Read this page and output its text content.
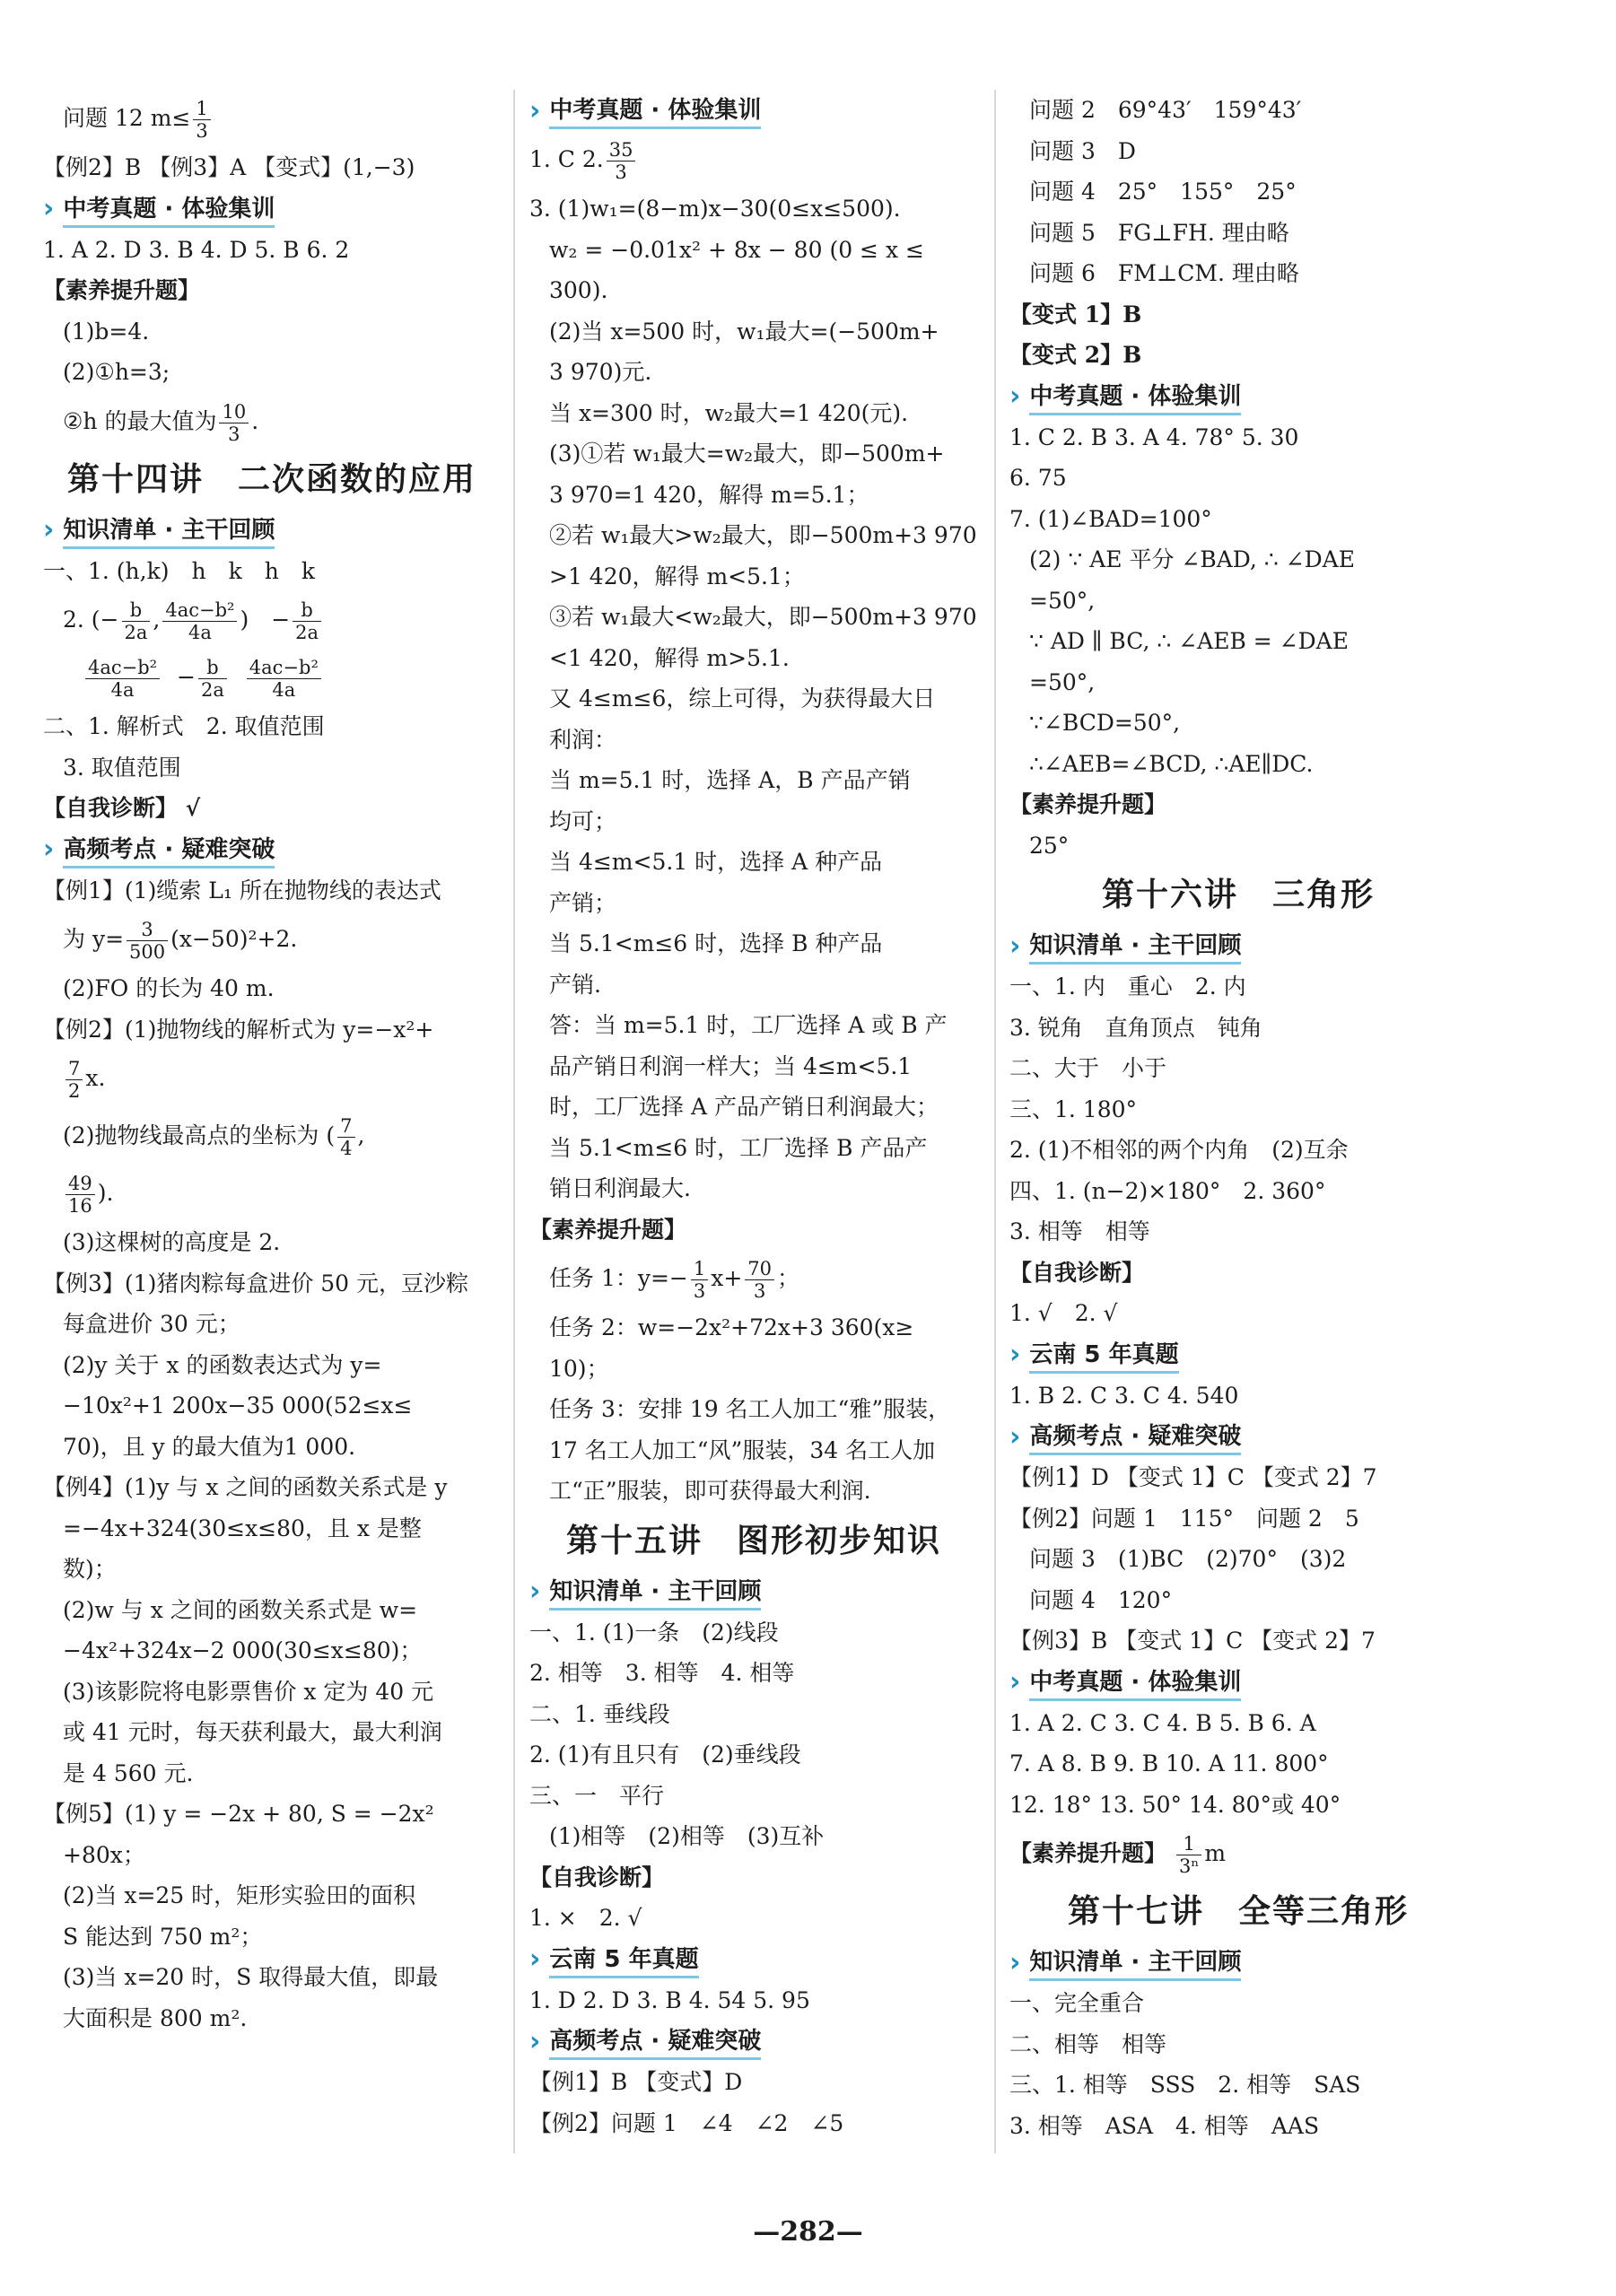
问题 12 $m\le \frac{1}{3}$
【例2】B 【例3】A 【变式】(1,−3)
› 中考真题 · 体验集训
1. A 2. D 3. B 4. D 5. B 6. 2
【素养提升题】
(1)b=4.
(2)①h=3;
②h 的最大值为 $\frac{10}{3}$ .
第十四讲　二次函数的应用
› 知识清单 · 主干回顾
一、1. (h,k)　h　k　h　k
2. (− $\frac{b}{2a}$ , $\frac{\text{4ac−b²}}{4a}$ )　− $\frac{b}{2a}$
$\frac{\text{4ac−b²}}{4a} - \frac{b}{2a}$
$\frac{\text{4ac−b²}}{4a}$
二、1. 解析式　2. 取值范围
3. 取值范围
【自我诊断】 √
› 高频考点 · 疑难突破
【例1】(1)缆索 L₁ 所在抛物线的表达式
为 $y= \frac{3}{500} (x-50)^2+2$.
(2)FO 的长为 40 m.
【例2】(1)抛物线的解析式为 y=−x²+
$\frac{7}{2} x$.
(2)抛物线最高点的坐标为 ( $\frac{7}{4}$ ,
$\frac{49}{16}$ ).
(3)这棵树的高度是 2.
【例3】(1)猪肉粽每盒进价 50 元，豆沙粽
每盒进价 30 元；
(2)y 关于 x 的函数表达式为 y=
−10x²+1 200x−35 000(52≤x≤
70)，且 y 的最大值为1 000.
【例4】(1)y 与 x 之间的函数关系式是 y
=−4x+324(30≤x≤80，且 x 是整
数)；
(2)w 与 x 之间的函数关系式是 w=
−4x²+324x−2 000(30≤x≤80)；
(3)该影院将电影票售价 x 定为 40 元
或 41 元时，每天获利最大，最大利润
是 4 560 元.
【例5】(1) y = −2x + 80, S = −2x²
+80x；
(2)当 x=25 时，矩形实验田的面积
S 能达到 750 m²；
(3)当 x=20 时，S 取得最大值，即最
大面积是 800 m².
› 中考真题 · 体验集训
1. C 2. $\frac{35}{3}$
3. (1)w₁=(8−m)x−30(0≤x≤500).
w₂ = −0.01x² + 8x − 80 (0 ≤ x ≤
300).
(2)当 x=500 时，w₁最大=(−500m+
3 970)元.
当 x=300 时，w₂最大=1 420(元).
(3)①若 w₁最大=w₂最大，即−500m+
3 970=1 420，解得 m=5.1；
②若 w₁最大>w₂最大，即−500m+3 970
>1 420，解得 m<5.1；
③若 w₁最大<w₂最大，即−500m+3 970
<1 420，解得 m>5.1.
又 4≤m≤6，综上可得，为获得最大日
利润：
当 m=5.1 时，选择 A，B 产品产销
均可；
当 4≤m<5.1 时，选择 A 种产品
产销；
当 5.1<m≤6 时，选择 B 种产品
产销.
答：当 m=5.1 时，工厂选择 A 或 B 产
品产销日利润一样大；当 4≤m<5.1
时，工厂选择 A 产品产销日利润最大；
当 5.1<m≤6 时，工厂选择 B 产品产
销日利润最大.
【素养提升题】
任务 1：$y=- \frac{1}{3} x+ \frac{70}{3}$ ；
任务 2：w=−2x²+72x+3 360(x≥
10)；
任务 3：安排 19 名工人加工“雅”服装，
17 名工人加工“风”服装，34 名工人加
工“正”服装，即可获得最大利润.
第十五讲　图形初步知识
› 知识清单 · 主干回顾
一、1. (1)一条　(2)线段
2. 相等　3. 相等　4. 相等
二、1. 垂线段
2. (1)有且只有　(2)垂线段
三、一　平行
(1)相等　(2)相等　(3)互补
【自我诊断】
1. ×　2. √
› 云南 5 年真题
1. D 2. D 3. B 4. 54 5. 95
› 高频考点 · 疑难突破
【例1】B 【变式】D
【例2】问题 1　∠4　∠2　∠5
问题 2　69°43′　159°43′
问题 3　D
问题 4　25°　155°　25°
问题 5　FG⊥FH. 理由略
问题 6　FM⊥CM. 理由略
【变式 1】B
【变式 2】B
› 中考真题 · 体验集训
1. C 2. B 3. A 4. 78° 5. 30
6. 75
7. (1)∠BAD=100°
(2) ∵ AE 平分 ∠BAD, ∴ ∠DAE
=50°,
∵ AD ∥ BC, ∴ ∠AEB = ∠DAE
=50°,
∵∠BCD=50°,
∴∠AEB=∠BCD, ∴AE∥DC.
【素养提升题】
25°
第十六讲　三角形
› 知识清单 · 主干回顾
一、1. 内　重心　2. 内
3. 锐角　直角顶点　钝角
二、大于　小于
三、1. 180°
2. (1)不相邻的两个内角　(2)互余
四、1. (n−2)×180°　2. 360°
3. 相等　相等
【自我诊断】
1. √　2. √
› 云南 5 年真题
1. B 2. C 3. C 4. 540
› 高频考点 · 疑难突破
【例1】D 【变式 1】C 【变式 2】7
【例2】问题 1　115°　问题 2　5
问题 3　(1)BC　(2)70°　(3)2
问题 4　120°
【例3】B 【变式 1】C 【变式 2】7
› 中考真题 · 体验集训
1. A 2. C 3. C 4. B 5. B 6. A
7. A 8. B 9. B 10. A 11. 800°
12. 18° 13. 50° 14. 80°或 40°
【素养提升题】 $\frac{1}{\text{3ⁿ}}$ m
第十七讲　全等三角形
› 知识清单 · 主干回顾
一、完全重合
二、相等　相等
三、1. 相等　SSS　2. 相等　SAS
3. 相等　ASA　4. 相等　AAS
—282—
